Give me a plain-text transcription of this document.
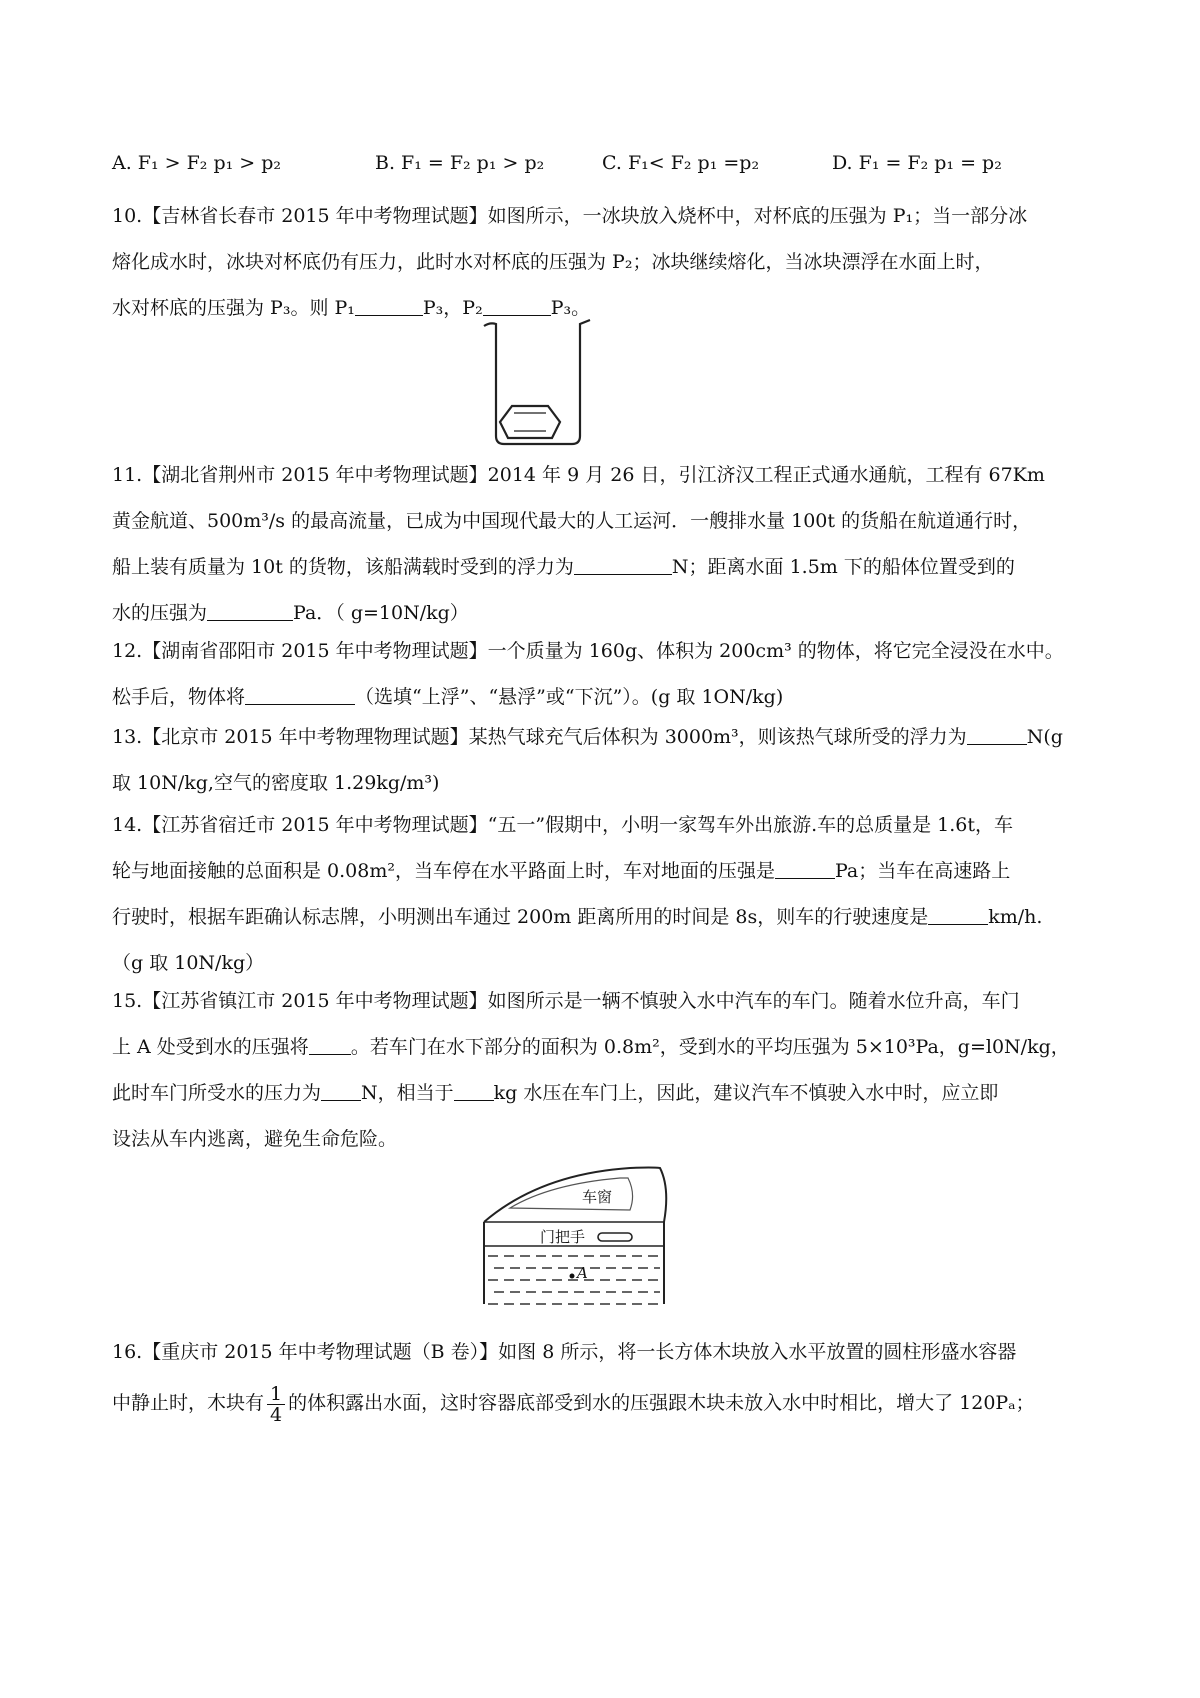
A. F₁ > F₂ p₁ > p₂	B. F₁ = F₂ p₁ > p₂	C. F₁< F₂ p₁ =p₂	D. F₁ = F₂ p₁ = p₂
10.【吉林省长春市 2015 年中考物理试题】如图所示，一冰块放入烧杯中，对杯底的压强为 P₁；当一部分冰
熔化成水时，冰块对杯底仍有压力，此时水对杯底的压强为 P₂；冰块继续熔化，当冰块漂浮在水面上时，
水对杯底的压强为 P₃。则 P₁	P₃，P₂	P₃。
11.【湖北省荆州市 2015 年中考物理试题】2014 年 9 月 26 日，引江济汉工程正式通水通航，工程有 67Km
黄金航道、500m³/s 的最高流量，已成为中国现代最大的人工运河．一艘排水量 100t 的货船在航道通行时，
船上装有质量为 10t 的货物，该船满载时受到的浮力为	N；距离水面 1.5m 下的船体位置受到的
水的压强为	Pa．（ g=10N/kg）
12.【湖南省邵阳市 2015 年中考物理试题】一个质量为 160g、体积为 200cm³ 的物体，将它完全浸没在水中。
松手后，物体将	（选填“上浮”、“悬浮”或“下沉”）。(g 取 1ON/kg)
13.【北京市 2015 年中考物理物理试题】某热气球充气后体积为 3000m³，则该热气球所受的浮力为	N(g
取 10N/kg,空气的密度取 1.29kg/m³)
14.【江苏省宿迁市 2015 年中考物理试题】“五一”假期中，小明一家驾车外出旅游.车的总质量是 1.6t，车
轮与地面接触的总面积是 0.08m²，当车停在水平路面上时，车对地面的压强是	Pa；当车在高速路上
行驶时，根据车距确认标志牌，小明测出车通过 200m 距离所用的时间是 8s，则车的行驶速度是	km/h.
（g 取 10N/kg）
15.【江苏省镇江市 2015 年中考物理试题】如图所示是一辆不慎驶入水中汽车的车门。随着水位升高，车门
上 A 处受到水的压强将 。若车门在水下部分的面积为 0.8m²，受到水的平均压强为 5×10³Pa，g=l0N/kg，
此时车门所受水的压力为 N，相当于 kg 水压在车门上，因此，建议汽车不慎驶入水中时，应立即
设法从车内逃离，避免生命危险。
车窗
门把手
A
16.【重庆市 2015 年中考物理试题（B 卷）】如图 8 所示，将一长方体木块放入水平放置的圆柱形盛水容器
中静止时，木块有 $\frac{1}{4}$ 的体积露出水面，这时容器底部受到水的压强跟木块未放入水中时相比，增大了 120Pₐ；
